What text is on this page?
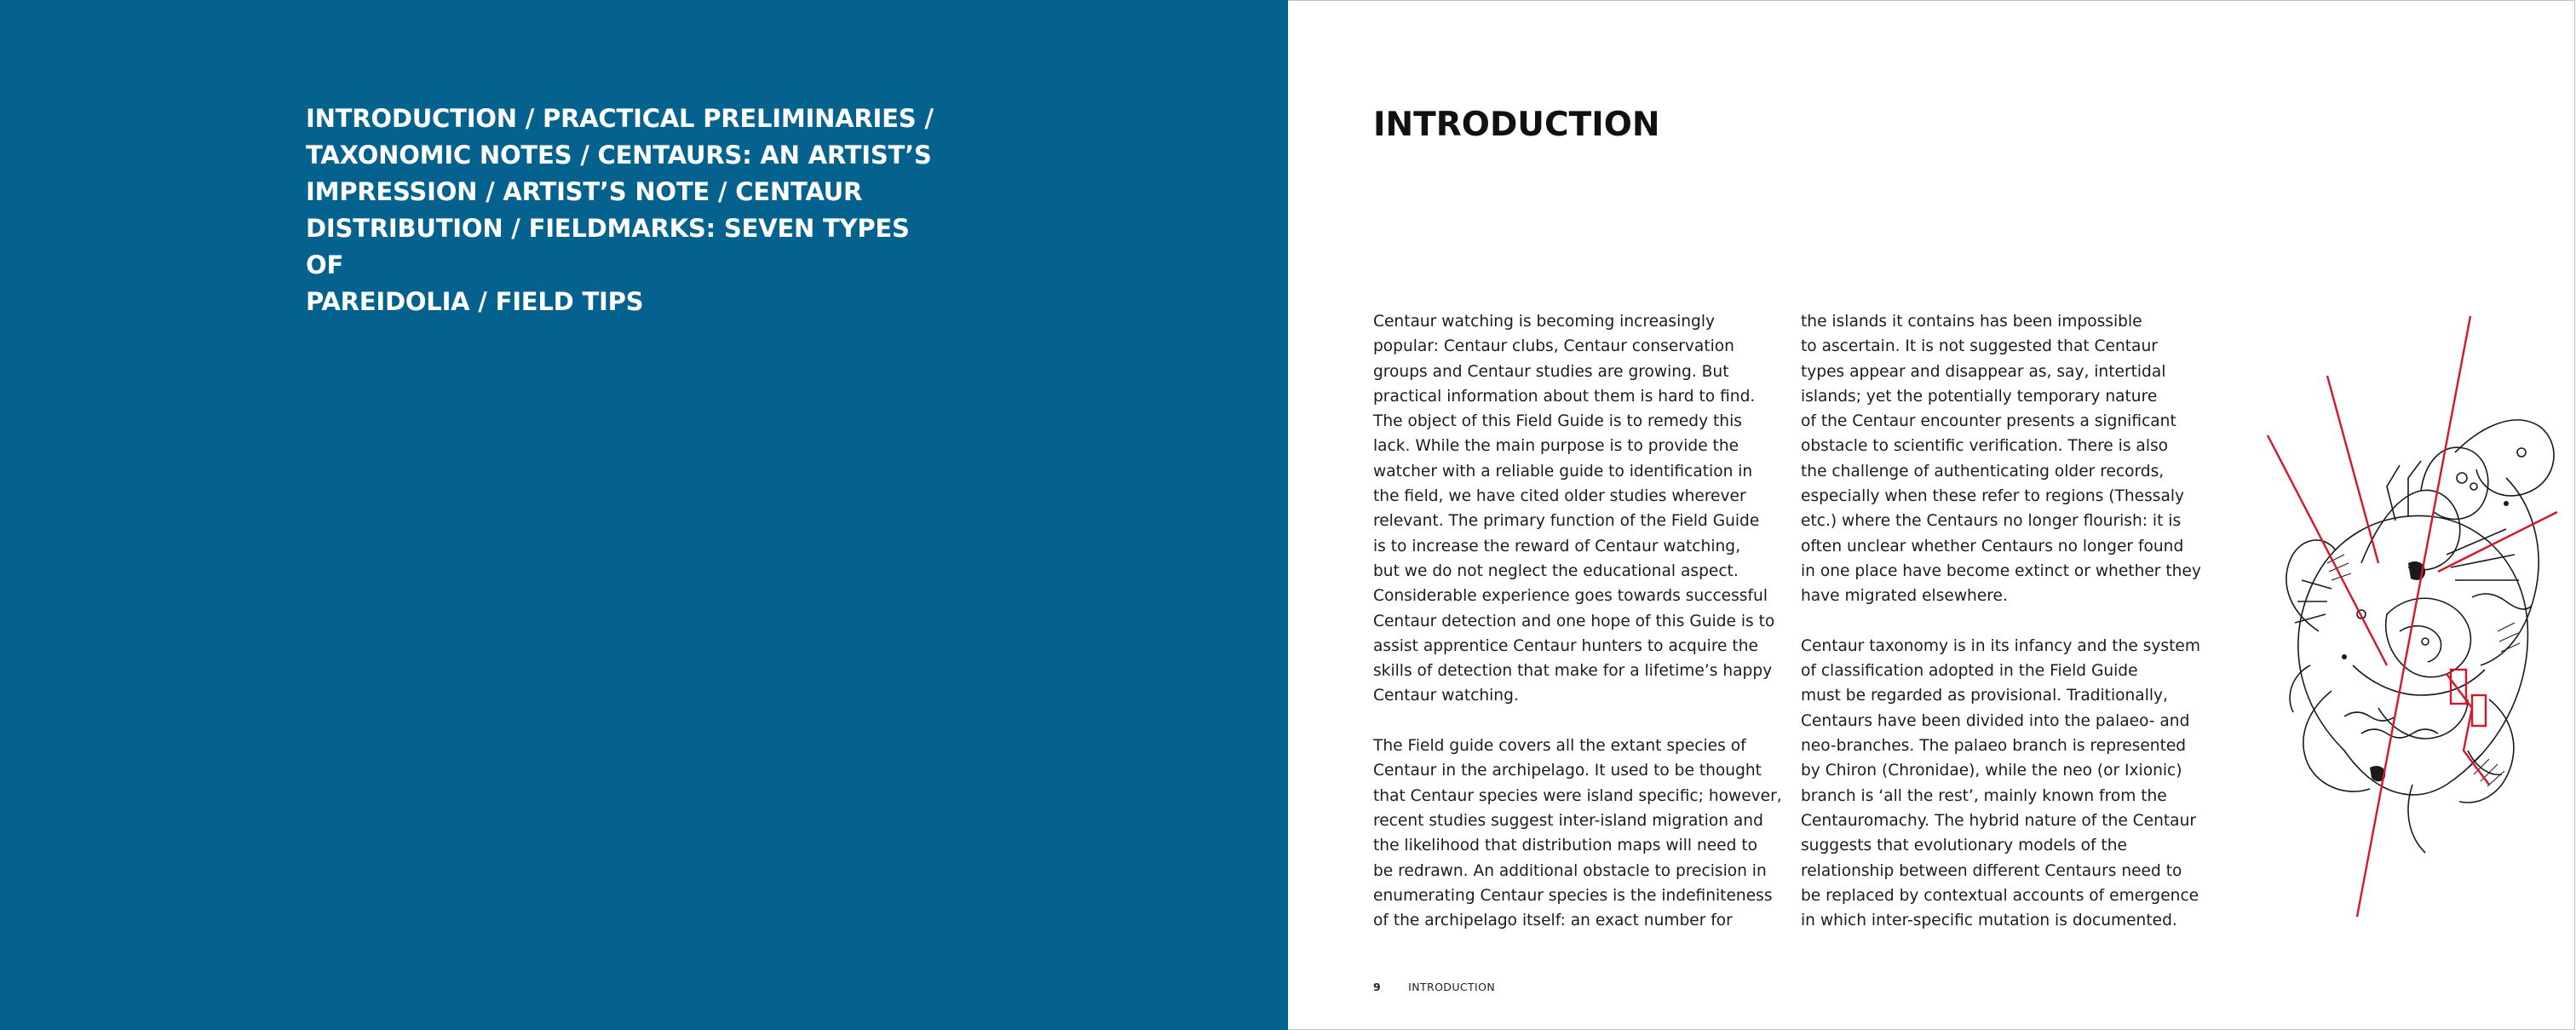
INTRODUCTION / PRACTICAL PRELIMINARIES /
TAXONOMIC NOTES / CENTAURS: AN ARTIST’S
IMPRESSION / ARTIST’S NOTE / CENTAUR
DISTRIBUTION / FIELDMARKS: SEVEN TYPES OF
PAREIDOLIA / FIELD TIPS
INTRODUCTION

Centaur watching is becoming increasingly
popular: Centaur clubs, Centaur conservation
groups and Centaur studies are growing. But
practical information about them is hard to find.
The object of this Field Guide is to remedy this
lack. While the main purpose is to provide the
watcher with a reliable guide to identification in
the field, we have cited older studies wherever
relevant. The primary function of the Field Guide
is to increase the reward of Centaur watching,
but we do not neglect the educational aspect.
Considerable experience goes towards successful
Centaur detection and one hope of this Guide is to
assist apprentice Centaur hunters to acquire the
skills of detection that make for a lifetime’s happy
Centaur watching.

The Field guide covers all the extant species of
Centaur in the archipelago. It used to be thought
that Centaur species were island specific; however,
recent studies suggest inter-island migration and
the likelihood that distribution maps will need to
be redrawn. An additional obstacle to precision in
enumerating Centaur species is the indefiniteness
of the archipelago itself: an exact number for

the islands it contains has been impossible
to ascertain. It is not suggested that Centaur
types appear and disappear as, say, intertidal
islands; yet the potentially temporary nature
of the Centaur encounter presents a significant
obstacle to scientific verification. There is also
the challenge of authenticating older records,
especially when these refer to regions (Thessaly
etc.) where the Centaurs no longer flourish: it is
often unclear whether Centaurs no longer found
in one place have become extinct or whether they
have migrated elsewhere.

Centaur taxonomy is in its infancy and the system
of classification adopted in the Field Guide
must be regarded as provisional. Traditionally,
Centaurs have been divided into the palaeo- and
neo-branches. The palaeo branch is represented
by Chiron (Chronidae), while the neo (or Ixionic)
branch is ‘all the rest’, mainly known from the
Centauromachy. The hybrid nature of the Centaur
suggests that evolutionary models of the
relationship between different Centaurs need to
be replaced by contextual accounts of emergence
in which inter-specific mutation is documented.

9	INTRODUCTION
